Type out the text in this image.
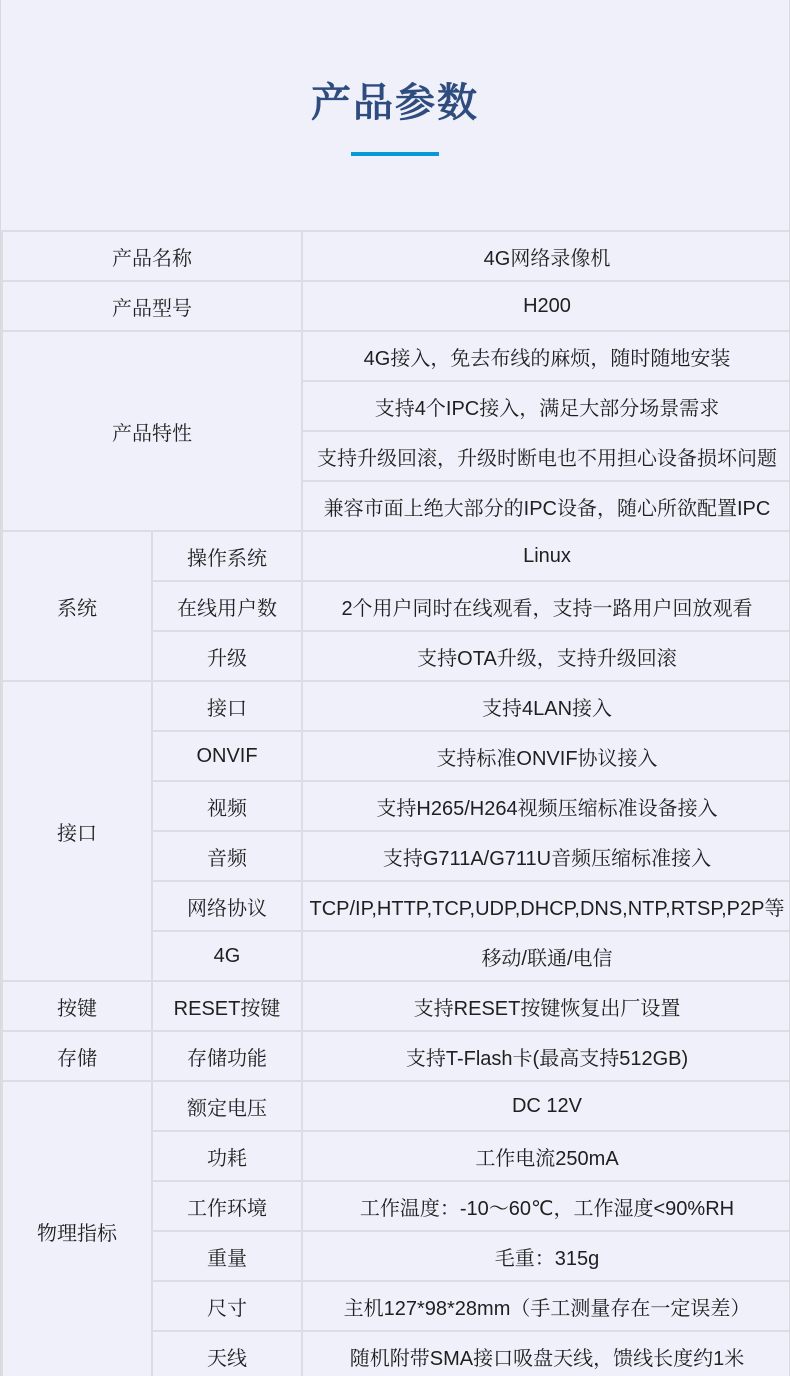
产品参数
产品名称		4G网络录像机
产品型号		H200
产品特性		4G接入，免去布线的麻烦，随时随地安装
		支持4个IPC接入，满足大部分场景需求
		支持升级回滚，升级时断电也不用担心设备损坏问题
		兼容市面上绝大部分的IPC设备，随心所欲配置IPC
系统	操作系统	Linux
	在线用户数	2个用户同时在线观看，支持一路用户回放观看
	升级	支持OTA升级，支持升级回滚
接口	接口	支持4LAN接入
	ONVIF	支持标准ONVIF协议接入
	视频	支持H265/H264视频压缩标准设备接入
	音频	支持G711A/G711U音频压缩标准接入
	网络协议	TCP/IP,HTTP,TCP,UDP,DHCP,DNS,NTP,RTSP,P2P等
	4G	移动/联通/电信
按键	RESET按键	支持RESET按键恢复出厂设置
存储	存储功能	支持T-Flash卡(最高支持512GB)
物理指标	额定电压	DC 12V
	功耗	工作电流250mA
	工作环境	工作温度：-10～60℃，工作湿度<90%RH
	重量	毛重：315g
	尺寸	主机127*98*28mm（手工测量存在一定误差）
	天线	随机附带SMA接口吸盘天线，馈线长度约1米
